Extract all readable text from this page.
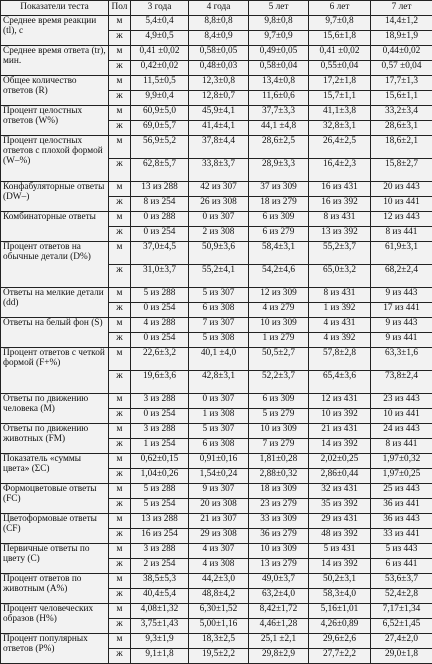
Показатели теста	Пол	3 года	4 года	5 лет	6 лет	7 лет
Среднее время реакции (tl), с	м	5,4±0,4	8,8±0,8	9,8±0,8	9,7±0,8	14,4±1,2
	ж	4,9±0,5	8,4±0,9	9,7±0,9	15,6±1,8	18,9±1,9
Среднее время ответа (tr), мин.	м	0,41 ±0,02	0,58±0,05	0,49±0,05	0,41 ±0,02	0,44±0,02
	ж	0,42±0,02	0,48±0,03	0,58±0,04	0,55±0,04	0,57 ±0,04
Общее количество ответов (R)	м	11,5±0,5	12,3±0,8	13,4±0,8	17,2±1,8	17,7±1,3
	ж	9,9±0,4	12,8±0,7	11,6±0,6	15,7±1,1	15,6±1,1
Процент целостных ответов (W%)	м	60,9±5,0	45,9±4,1	37,7±3,3	41,1±3,8	33,2±3,4
	ж	69,0±5,7	41,4±4,1	44,1 ±4,8	32,8±3,1	28,6±3,1
Процент целостных ответов с плохой формой (W–%)	м	56,9±5,2	37,8±4,4	28,6±2,5	26,4±2,5	18,6±2,1
	ж	62,8±5,7	33,8±3,7	28,9±3,3	16,4±2,3	15,8±2,7
Конфабуляторные ответы (DW–)	м	13 из 288	42 из 307	37 из 309	16 из 431	20 из 443
	ж	8 из 254	26 из 308	18 из 279	16 из 392	10 из 441
Комбинаторные ответы	м	0 из 288	0 из 307	6 из 309	8 из 431	12 из 443
	ж	0 из 254	2 из 308	6 из 279	13 из 392	8 из 441
Процент ответов на обычные детали (D%)	м	37,0±4,5	50,9±3,6	58,4±3,1	55,2±3,7	61,9±3,1
	ж	31,0±3,7	55,2±4,1	54,2±4,6	65,0±3,2	68,2±2,4
Ответы на мелкие детали (dd)	м	5 из 288	5 из 307	12 из 309	8 из 431	9 из 443
	ж	0 из 254	6 из 308	4 из 279	1 из 392	17 из 441
Ответы на белый фон (S)	м	4 из 288	7 из 307	10 из 309	4 из 431	9 из 443
	ж	0 из 254	5 из 308	1 из 279	4 из 392	9 из 441
Процент ответов с четкой формой (F+%)	м	22,6±3,2	40,1 ±4,0	50,5±2,7	57,8±2,8	63,3±1,6
	ж	19,6±3,6	42,8±3,1	52,2±3,7	65,4±3,6	73,8±2,4
Ответы по движению человека (M)	м	3 из 288	0 из 307	6 из 309	12 из 431	23 из 443
	ж	0 из 254	1 из 308	5 из 279	10 из 392	10 из 441
Ответы по движению животных (FM)	м	3 из 288	5 из 307	10 из 309	21 из 431	24 из 443
	ж	1 из 254	6 из 308	7 из 279	14 из 392	8 из 441
Показатель «суммы цвета» (ΣC)	м	0,62±0,15	0,91±0,16	1,81±0,28	2,02±0,25	1,97±0,32
	ж	1,04±0,26	1,54±0,24	2,88±0,32	2,86±0,44	1,97±0,25
Формоцветовые ответы (FC)	м	5 из 288	9 из 307	18 из 309	32 из 431	25 из 443
	ж	5 из 254	20 из 308	23 из 279	35 из 392	36 из 441
Цветоформовые ответы (CF)	м	13 из 288	21 из 307	33 из 309	29 из 431	36 из 443
	ж	16 из 254	29 из 308	36 из 279	48 из 392	33 из 441
Первичные ответы по цвету (C)	м	3 из 288	4 из 307	10 из 309	5 из 431	5 из 443
	ж	2 из 254	4 из 308	13 из 279	14 из 392	6 из 441
Процент ответов по животным (A%)	м	38,5±5,3	44,2±3,0	49,0±3,7	50,2±3,1	53,6±3,7
	ж	40,4±5,4	48,8±4,2	63,2±4,0	58,3±4,0	52,4±2,8
Процент человеческих образов (H%)	м	4,08±1,32	6,30±1,52	8,42±1,72	5,16±1,01	7,17±1,34
	ж	3,75±1,43	5,00±1,16	4,46±1,28	4,26±0,89	6,52±1,45
Процент популярных ответов (P%)	м	9,3±1,9	18,3±2,5	25,1 ±2,1	29,6±2,6	27,4±2,0
	ж	9,1±1,8	19,5±2,2	29,8±2,9	27,7±2,2	29,0±1,8
